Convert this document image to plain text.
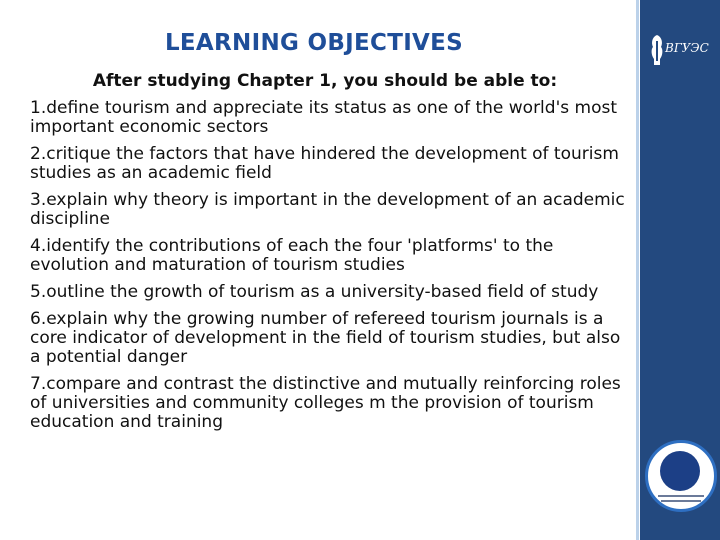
LEARNING OBJECTIVES
After studying Chapter 1, you should be able to:
1.define tourism and appreciate its status as one of the world's most important economic sectors
2.critique the factors that have hindered the development of tourism studies as an academic field
3.explain why theory is important in the development of an academic discipline
4.identify the contributions of each the four 'platforms' to the evolution and maturation of tourism studies
5.outline the growth of tourism as a university-based field of study
6.explain why the growing number of refereed tourism journals is a core indicator of development in the field of tourism studies, but also a potential danger
7.compare and contrast the distinctive and mutually reinforcing roles of universities and community colleges m the provision of tourism education and training
ВГУЭС
